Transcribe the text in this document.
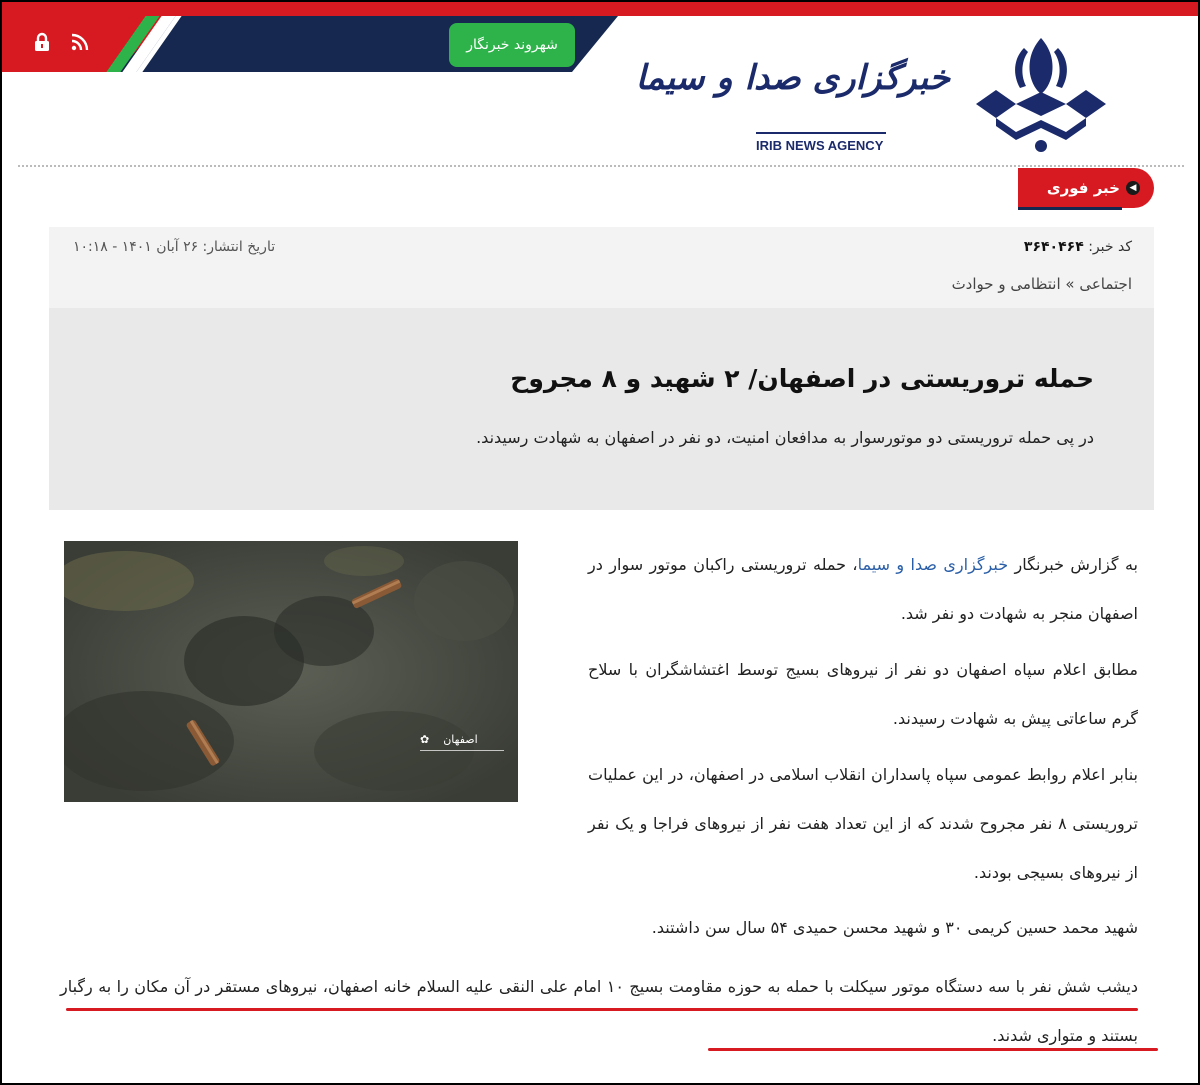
شهروند خبرنگار
خبرگزاری صدا و سیما
IRIB NEWS AGENCY
خبر فوری	◀
کد خبر: ۳۶۴۰۴۶۴
تاریخ انتشار: ۲۶ آبان ۱۴۰۱ - ۱۰:۱۸
اجتماعی » انتظامی و حوادث
حمله تروریستی در اصفهان/ ۲ شهید و ۸ مجروح
در پی حمله تروریستی دو موتورسوار به مدافعان امنیت، دو نفر در اصفهان به شهادت رسیدند.
اصفهان
✿
به گزارش خبرنگار خبرگزاری صدا و سیما، حمله تروریستی راکبان موتور سوار در اصفهان منجر به شهادت دو نفر شد.
مطابق اعلام سپاه اصفهان دو نفر از نیروهای بسیج توسط اغتشاشگران با سلاح گرم ساعاتی پیش به شهادت رسیدند.
بنابر اعلام روابط عمومی سپاه پاسداران انقلاب اسلامی در اصفهان، در این عملیات تروریستی ۸ نفر مجروح شدند که از این تعداد هفت نفر از نیروهای فراجا و یک نفر از نیروهای بسیجی بودند.
شهید محمد حسین کریمی ۳۰ و شهید محسن حمیدی ۵۴ سال سن داشتند.
دیشب شش نفر با سه دستگاه موتور سیکلت با حمله به حوزه مقاومت بسیج ۱۰ امام علی النقی علیه السلام خانه اصفهان، نیروهای مستقر در آن مکان را به رگبار بستند و متواری شدند.
